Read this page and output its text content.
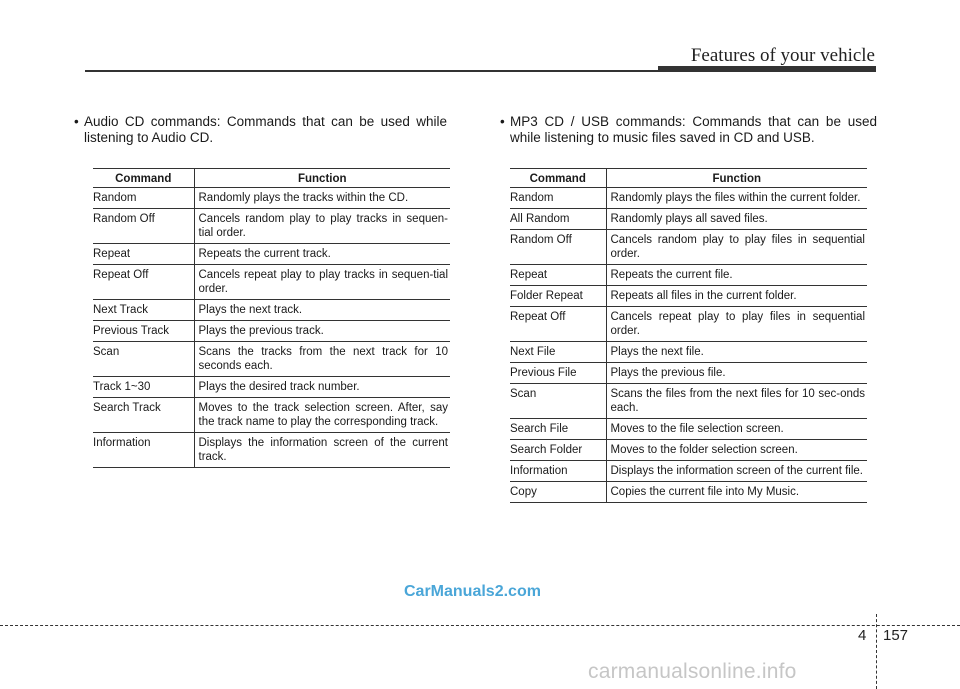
Features of your vehicle
• Audio CD commands: Commands that can be used while

listening to Audio CD.

Command	Function
Random	Randomly plays the tracks within the CD.
Random Off	Cancels random play to play tracks in sequen-tial order.
Repeat	Repeats the current track.
Repeat Off	Cancels repeat play to play tracks in sequen-tial order.
Next Track	Plays the next track.
Previous Track	Plays the previous track.
Scan	Scans the tracks from the next track for 10 seconds each.
Track 1~30	Plays the desired track number.
Search Track	Moves to the track selection screen. After, say the track name to play the corresponding track.
Information	Displays the information screen of the current track.
• MP3 CD / USB commands: Commands that can be used

while listening to music files saved in CD and USB.

Command	Function
Random	Randomly plays the files within the current folder.
All Random	Randomly plays all saved files.
Random Off	Cancels random play to play files in sequential order.
Repeat	Repeats the current file.
Folder Repeat	Repeats all files in the current folder.
Repeat Off	Cancels repeat play to play files in sequential order.
Next File	Plays the next file.
Previous File	Plays the previous file.
Scan	Scans the files from the next files for 10 sec-onds each.
Search File	Moves to the file selection screen.
Search Folder	Moves to the folder selection screen.
Information	Displays the information screen of the current file.
Copy	Copies the current file into My Music.
CarManuals2.com
4 157
carmanualsonline.info
